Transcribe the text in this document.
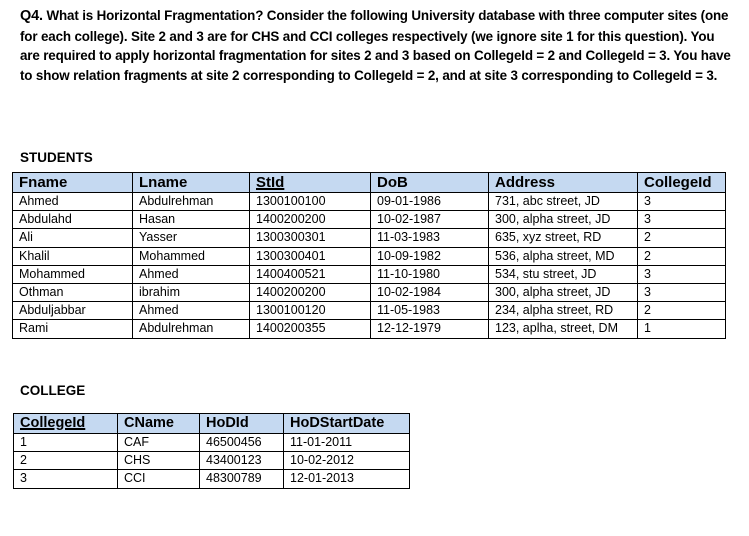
Q4. What is Horizontal Fragmentation? Consider the following University database with three computer sites (one for each college). Site 2 and 3 are for CHS and CCI colleges respectively (we ignore site 1 for this question). You are required to apply horizontal fragmentation for sites 2 and 3 based on CollegeId = 2 and CollegeId = 3. You have to show relation fragments at site 2 corresponding to CollegeId = 2, and at site 3 corresponding to CollegeId = 3.
STUDENTS
Fname	Lname	StId	DoB	Address	CollegeId
Ahmed	Abdulrehman	1300100100	09-01-1986	731, abc street, JD	3
Abdulahd	Hasan	1400200200	10-02-1987	300, alpha street, JD	3
Ali	Yasser	1300300301	11-03-1983	635, xyz street, RD	2
Khalil	Mohammed	1300300401	10-09-1982	536, alpha street, MD	2
Mohammed	Ahmed	1400400521	11-10-1980	534, stu street, JD	3
Othman	ibrahim	1400200200	10-02-1984	300, alpha street, JD	3
Abduljabbar	Ahmed	1300100120	11-05-1983	234, alpha street, RD	2
Rami	Abdulrehman	1400200355	12-12-1979	123, aplha, street, DM	1
COLLEGE
CollegeId	CName	HoDId	HoDStartDate
1	CAF	46500456	11-01-2011
2	CHS	43400123	10-02-2012
3	CCI	48300789	12-01-2013
